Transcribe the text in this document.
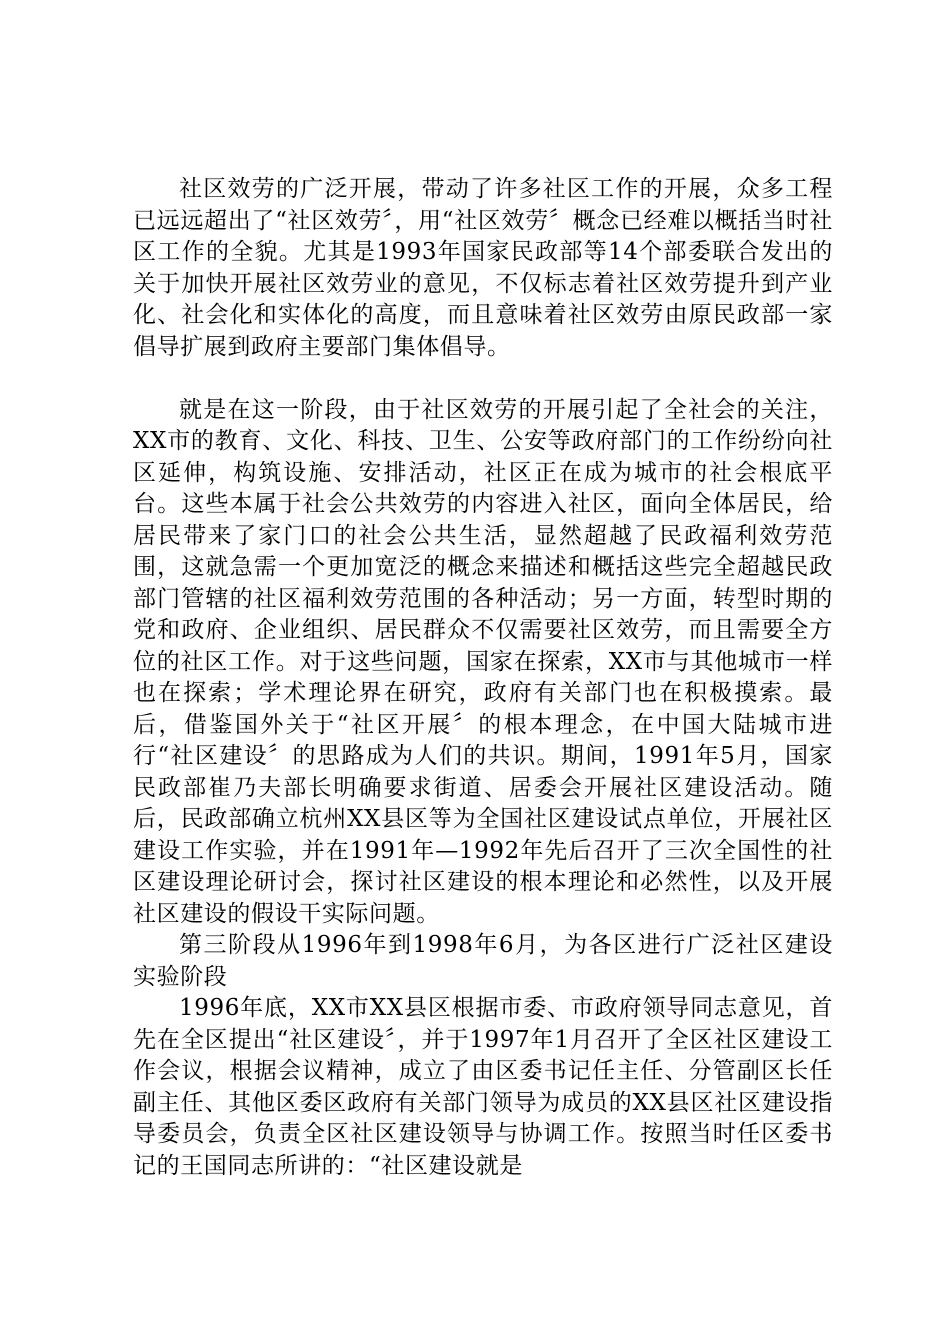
社区效劳的广泛开展，带动了许多社区工作的开展，众多工程已远远超出了“社区效劳〞，用“社区效劳〞概念已经难以概括当时社区工作的全貌。尤其是1993年国家民政部等14个部委联合发出的关于加快开展社区效劳业的意见，不仅标志着社区效劳提升到产业化、社会化和实体化的高度，而且意味着社区效劳由原民政部一家倡导扩展到政府主要部门集体倡导。

就是在这一阶段，由于社区效劳的开展引起了全社会的关注，XX市的教育、文化、科技、卫生、公安等政府部门的工作纷纷向社区延伸，构筑设施、安排活动，社区正在成为城市的社会根底平台。这些本属于社会公共效劳的内容进入社区，面向全体居民，给居民带来了家门口的社会公共生活，显然超越了民政福利效劳范围，这就急需一个更加宽泛的概念来描述和概括这些完全超越民政部门管辖的社区福利效劳范围的各种活动；另一方面，转型时期的党和政府、企业组织、居民群众不仅需要社区效劳，而且需要全方位的社区工作。对于这些问题，国家在探索，XX市与其他城市一样也在探索；学术理论界在研究，政府有关部门也在积极摸索。最后，借鉴国外关于“社区开展〞的根本理念，在中国大陆城市进行“社区建设〞的思路成为人们的共识。期间，1991年5月，国家民政部崔乃夫部长明确要求街道、居委会开展社区建设活动。随后，民政部确立杭州XX县区等为全国社区建设试点单位，开展社区建设工作实验，并在1991年—1992年先后召开了三次全国性的社区建设理论研讨会，探讨社区建设的根本理论和必然性，以及开展社区建设的假设干实际问题。

第三阶段从1996年到1998年6月，为各区进行广泛社区建设实验阶段

1996年底，XX市XX县区根据市委、市政府领导同志意见，首先在全区提出“社区建设〞，并于1997年1月召开了全区社区建设工作会议，根据会议精神，成立了由区委书记任主任、分管副区长任副主任、其他区委区政府有关部门领导为成员的XX县区社区建设指导委员会，负责全区社区建设领导与协调工作。按照当时任区委书记的王国同志所讲的：“社区建设就是
